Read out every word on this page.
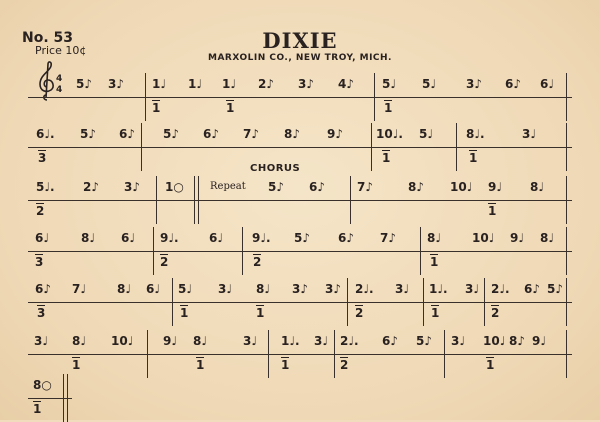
No. 53
Price 10¢	DIXIE
MARXOLIN CO., NEW TROY, MICH.
CHORUS
4
4 5♪ 3♪ 1♩ 1♩ 1♩ 2♪ 3♪ 4♪ 5♩ 5♩ 3♪ 6♪ 6♩
1	1	1
6♩. 5♪ 6♪ 5♪ 6♪ 7♪ 8♪ 9♪	10♩. 5♩	8♩.	3♩
3	1	1
5♩. 2♪ 3♪ 1○	5♪ 6♪	7♪	8♪ 10♩ 9♩ 8♩
2	1
Repeat
6♩	8♩ 6♩ 9♩.	6♩ 9♩. 5♪ 6♪ 7♪	8♩	10♩ 9♩ 8♩
3	2	2	1
6♪ 7♩	8♩ 6♩ 5♩ 3♩ 8♩ 3♪ 3♪ 2♩. 3♩ 1♩. 3♩ 2♩. 6♪ 5♪
3	1	1	2	1	2
3♩ 8♩ 10♩ 9♩ 8♩	3♩ 1♩. 3♩ 2♩. 6♪ 5♪ 3♩ 10♩ 8♪ 9♩
1	1	1	2	1
8○
1
